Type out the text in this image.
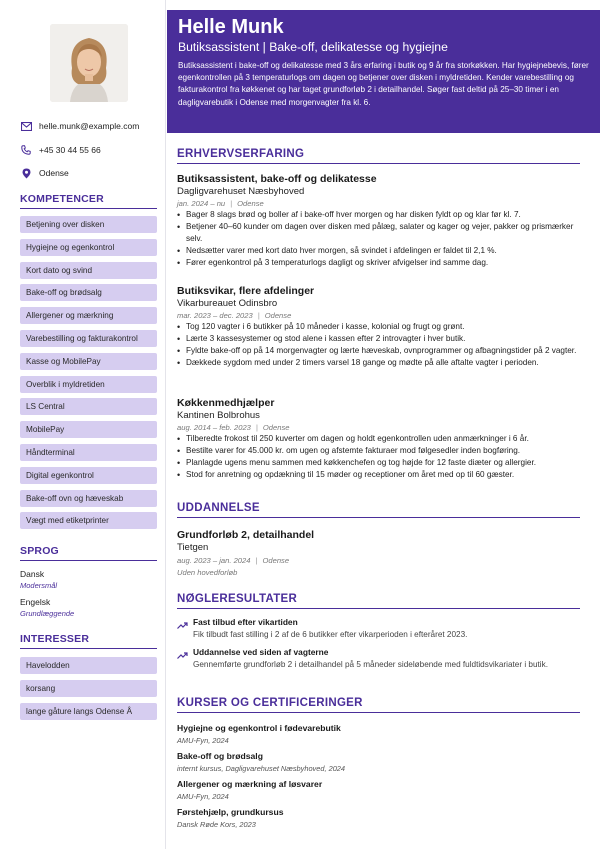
helle.munk@example.com
+45 30 44 55 66
Odense
KOMPETENCER
Betjening over disken
Hygiejne og egenkontrol
Kort dato og svind
Bake-off og brødsalg
Allergener og mærkning
Varebestilling og fakturakontrol
Kasse og MobilePay
Overblik i myldretiden
LS Central
MobilePay
Håndterminal
Digital egenkontrol
Bake-off ovn og hæveskab
Vægt med etiketprinter
SPROG
Dansk
Modersmål
Engelsk
Grundlæggende
INTERESSER
Havelodden
korsang
lange gåture langs Odense Å
Helle Munk
Butiksassistent | Bake-off, delikatesse og hygiejne
Butiksassistent i bake-off og delikatesse med 3 års erfaring i butik og 9 år fra storkøkken. Har hygiejnebevis, fører egenkontrollen på 3 temperaturlogs om dagen og betjener over disken i myldretiden. Kender varebestilling og fakturakontrol fra køkkenet og har taget grundforløb 2 i detailhandel. Søger fast deltid på 25–30 timer i en dagligvarebutik i Odense med morgenvagter fra kl. 6.
ERHVERVSERFARING
Butiksassistent, bake-off og delikatesse
Dagligvarehuset Næsbyhoved
jan. 2024 – nu | Odense
• Bager 8 slags brød og boller af i bake-off hver morgen og har disken fyldt op og klar før kl. 7.
• Betjener 40–60 kunder om dagen over disken med pålæg, salater og kager og vejer, pakker og prismærker selv.
• Nedsætter varer med kort dato hver morgen, så svindet i afdelingen er faldet til 2,1 %.
• Fører egenkontrol på 3 temperaturlogs dagligt og skriver afvigelser ind samme dag.
Butiksvikar, flere afdelinger
Vikarbureauet Odinsbro
mar. 2023 – dec. 2023 | Odense
• Tog 120 vagter i 6 butikker på 10 måneder i kasse, kolonial og frugt og grønt.
• Lærte 3 kassesystemer og stod alene i kassen efter 2 introvagter i hver butik.
• Fyldte bake-off op på 14 morgenvagter og lærte hæveskab, ovnprogrammer og afbagningstider på 2 vagter.
• Dækkede sygdom med under 2 timers varsel 18 gange og mødte på alle aftalte vagter i perioden.
Køkkenmedhjælper
Kantinen Bolbrohus
aug. 2014 – feb. 2023 | Odense
• Tilberedte frokost til 250 kuverter om dagen og holdt egenkontrollen uden anmærkninger i 6 år.
• Bestilte varer for 45.000 kr. om ugen og afstemte fakturaer mod følgesedler inden bogføring.
• Planlagde ugens menu sammen med køkkenchefen og tog højde for 12 faste diæter og allergier.
• Stod for anretning og opdækning til 15 møder og receptioner om året med op til 60 gæster.
UDDANNELSE
Grundforløb 2, detailhandel
Tietgen
aug. 2023 – jan. 2024 | Odense
Uden hovedforløb
NØGLERESULTATER
Fast tilbud efter vikartiden
Fik tilbudt fast stilling i 2 af de 6 butikker efter vikarperioden i efteråret 2023.
Uddannelse ved siden af vagterne
Gennemførte grundforløb 2 i detailhandel på 5 måneder sideløbende med fuldtidsvikariater i butik.
KURSER OG CERTIFICERINGER
Hygiejne og egenkontrol i fødevarebutik
AMU-Fyn, 2024
Bake-off og brødsalg
internt kursus, Dagligvarehuset Næsbyhoved, 2024
Allergener og mærkning af løsvarer
AMU-Fyn, 2024
Førstehjælp, grundkursus
Dansk Røde Kors, 2023
